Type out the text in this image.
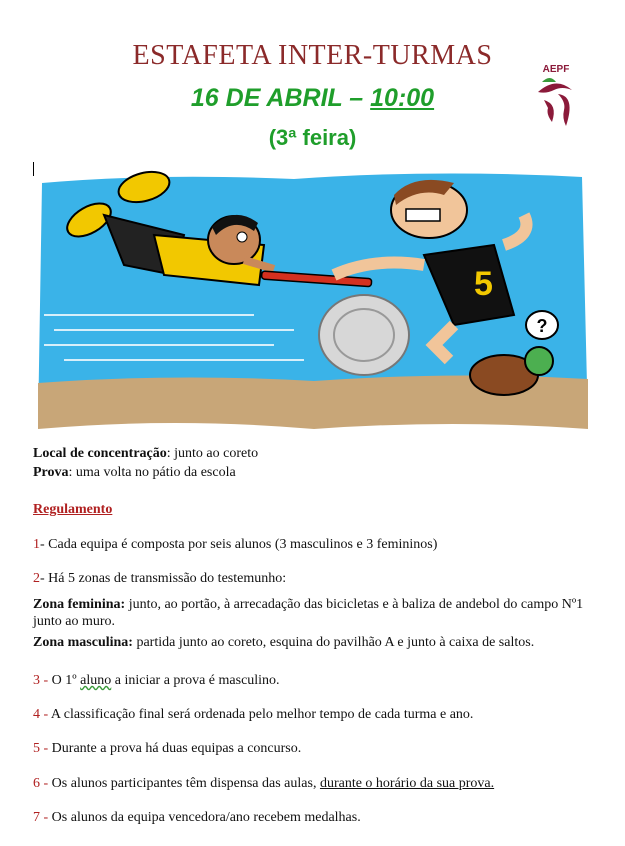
ESTAFETA INTER-TURMAS
16 DE ABRIL – 10:00
(3ª feira)
AEPF
5
?
Local de concentração: junto ao coreto
Prova: uma volta no pátio da escola
Regulamento
1- Cada equipa é composta por seis alunos (3 masculinos e 3 femininos)
2- Há 5 zonas de transmissão do testemunho:
Zona feminina: junto, ao portão, à arrecadação das bicicletas e à baliza de andebol do campo Nº1 junto ao muro.
Zona masculina: partida junto ao coreto, esquina do pavilhão A e junto à caixa de saltos.
3 - O 1º aluno a iniciar a prova é masculino.
4 - A classificação final será ordenada pelo melhor tempo de cada turma e ano.
5 - Durante a prova há duas equipas a concurso.
6 - Os alunos participantes têm dispensa das aulas, durante o horário da sua prova.
7 - Os alunos da equipa vencedora/ano recebem medalhas.
